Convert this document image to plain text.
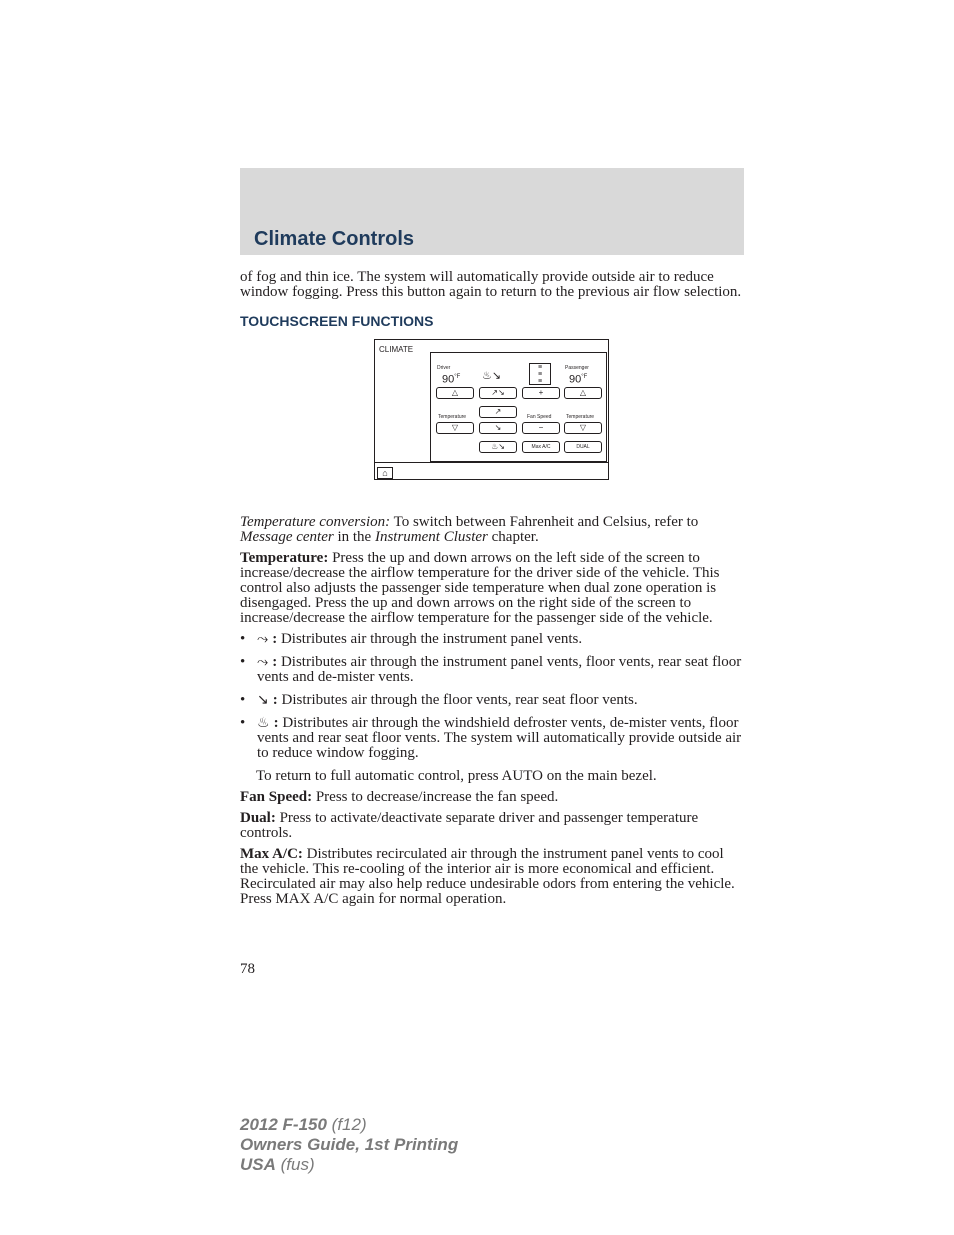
Climate Controls

of fog and thin ice. The system will automatically provide outside air to reduce window fogging. Press this button again to return to the previous air flow selection.

TOUCHSCREEN FUNCTIONS
CLIMATE
Driver	Passenger
$90^{^\circ F}$	$90^{^\circ F}$
♨↘
≡
≡
≡
△	↗↘	+	△
Temperature	Fan Speed	Temperature
↗
▽	↘	−	▽
♨↘	Max A/C	DUAL
⌂

Temperature conversion: To switch between Fahrenheit and Celsius, refer to Message center in the Instrument Cluster chapter.

Temperature: Press the up and down arrows on the left side of the screen to increase/decrease the airflow temperature for the driver side of the vehicle. This control also adjusts the passenger side temperature when dual zone operation is disengaged. Press the up and down arrows on the right side of the screen to increase/decrease the airflow temperature for the passenger side of the vehicle.

• ⤳ : Distributes air through the instrument panel vents.
• ⤳ : Distributes air through the instrument panel vents, floor vents, rear seat floor vents and de-mister vents.
• ↘ : Distributes air through the floor vents, rear seat floor vents.
• ♨ : Distributes air through the windshield defroster vents, de-mister vents, floor vents and rear seat floor vents. The system will automatically provide outside air to reduce window fogging.

To return to full automatic control, press AUTO on the main bezel.

Fan Speed: Press to decrease/increase the fan speed.

Dual: Press to activate/deactivate separate driver and passenger temperature controls.

Max A/C: Distributes recirculated air through the instrument panel vents to cool the vehicle. This re-cooling of the interior air is more economical and efficient. Recirculated air may also help reduce undesirable odors from entering the vehicle. Press MAX A/C again for normal operation.

78
2012 F-150 (f12)
Owners Guide, 1st Printing
USA (fus)
